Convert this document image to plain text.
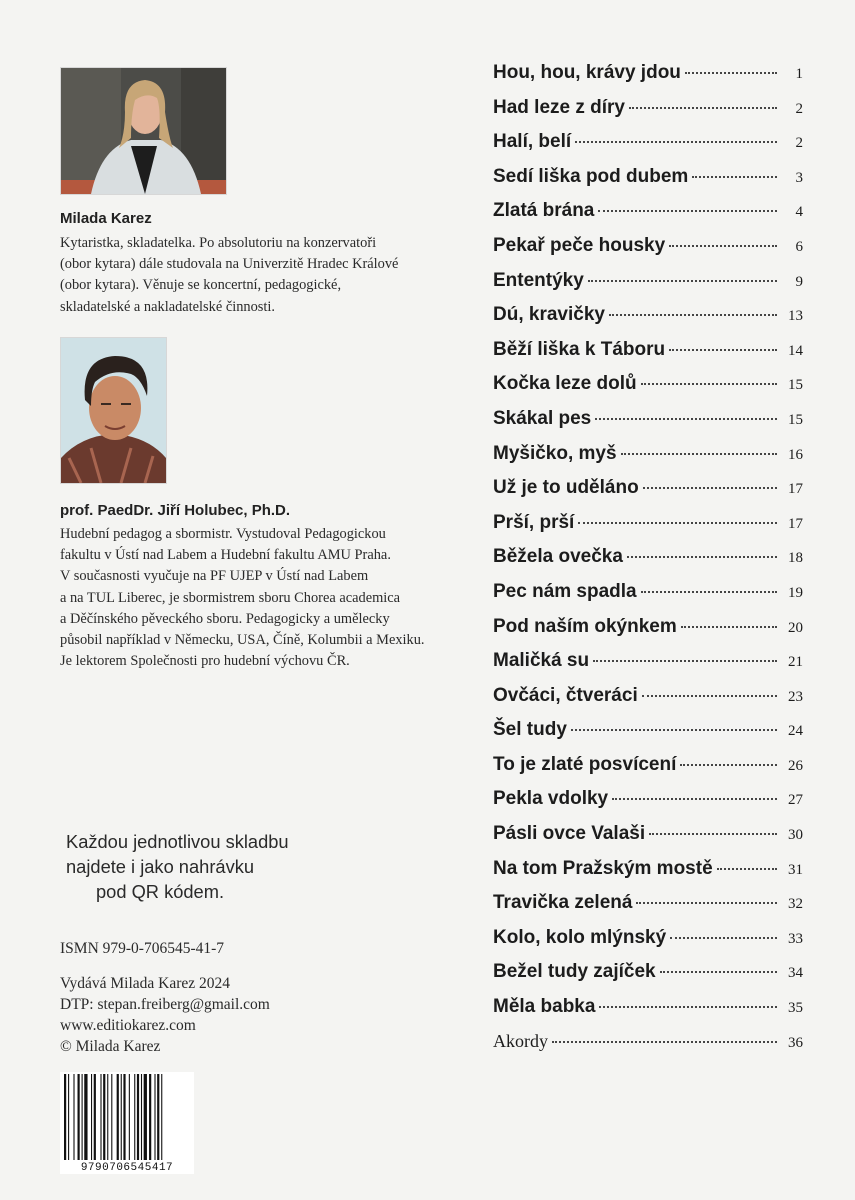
Milada Karez

Kytaristka, skladatelka. Po absolutoriu na konzervatoři

(obor kytara) dále studovala na Univerzitě Hradec Králové

(obor kytara). Věnuje se koncertní, pedagogické,

skladatelské a nakladatelské činnosti.

prof. PaedDr. Jiří Holubec, Ph.D.

Hudební pedagog a sbormistr. Vystudoval Pedagogickou

fakultu v Ústí nad Labem a Hudební fakultu AMU Praha.

V současnosti vyučuje na PF UJEP v Ústí nad Labem

a na TUL Liberec, je sbormistrem sboru Chorea academica

a Děčínského pěveckého sboru. Pedagogicky a umělecky

působil například v Německu, USA, Číně, Kolumbii a Mexiku.

Je lektorem Společnosti pro hudební výchovu ČR.

Každou jednotlivou skladbu

najdete i jako nahrávku

pod QR kódem.

ISMN 979-0-706545-41-7

Vydává Milada Karez 2024

DTP: stepan.freiberg@gmail.com

www.editiokarez.com

© Milada Karez

9790706545417
Hou, hou, krávy jdou	1
Had leze z díry	2
Halí, belí	2
Sedí liška pod dubem	3
Zlatá brána	4
Pekař peče housky	6
Ententýky	9
Dú, kravičky	13
Běží liška k Táboru	14
Kočka leze dolů	15
Skákal pes	15
Myšičko, myš	16
Už je to uděláno	17
Prší, prší	17
Běžela ovečka	18
Pec nám spadla	19
Pod naším okýnkem	20
Maličká su	21
Ovčáci, čtveráci	23
Šel tudy	24
To je zlaté posvícení	26
Pekla vdolky	27
Pásli ovce Valaši	30
Na tom Pražským mostě	31
Travička zelená	32
Kolo, kolo mlýnský	33
Bežel tudy zajíček	34
Měla babka	35
Akordy	36
